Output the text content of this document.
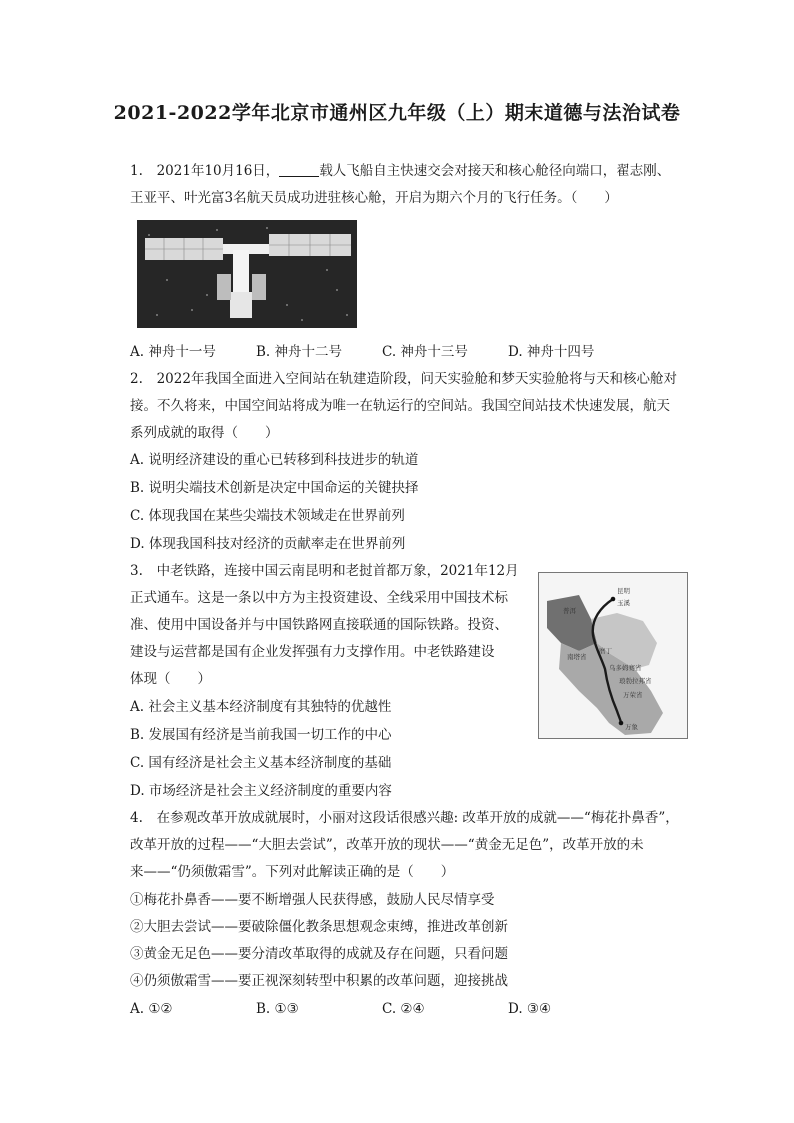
2021-2022学年北京市通州区九年级（上）期末道德与法治试卷
1. 2021年10月16日，	载人飞船自主快速交会对接天和核心舱径向端口，翟志刚、
王亚平、叶光富3名航天员成功进驻核心舱，开启为期六个月的飞行任务。（　　）
A. 神舟十一号	B. 神舟十二号	C. 神舟十三号	D. 神舟十四号
2. 2022年我国全面进入空间站在轨建造阶段，问天实验舱和梦天实验舱将与天和核心舱对
接。不久将来，中国空间站将成为唯一在轨运行的空间站。我国空间站技术快速发展，航天
系列成就的取得（　　）
A. 说明经济建设的重心已转移到科技进步的轨道
B. 说明尖端技术创新是决定中国命运的关键抉择
C. 体现我国在某些尖端技术领域走在世界前列
D. 体现我国科技对经济的贡献率走在世界前列
3. 中老铁路，连接中国云南昆明和老挝首都万象，2021年12月
正式通车。这是一条以中方为主投资建设、全线采用中国技术标
准、使用中国设备并与中国铁路网直接联通的国际铁路。投资、
建设与运营都是国有企业发挥强有力支撑作用。中老铁路建设
体现（　　）
昆明
玉溪
普洱
磨丁
南塔省
乌多姆赛省
琅勃拉邦省
万荣省
万象
A. 社会主义基本经济制度有其独特的优越性
B. 发展国有经济是当前我国一切工作的中心
C. 国有经济是社会主义基本经济制度的基础
D. 市场经济是社会主义经济制度的重要内容
4. 在参观改革开放成就展时，小丽对这段话很感兴趣: 改革开放的成就——“梅花扑鼻香”，
改革开放的过程——“大胆去尝试”，改革开放的现状——“黄金无足色”，改革开放的未
来——“仍须傲霜雪”。下列对此解读正确的是（　　）
①梅花扑鼻香——要不断增强人民获得感，鼓励人民尽情享受
②大胆去尝试——要破除僵化教条思想观念束缚，推进改革创新
③黄金无足色——要分清改革取得的成就及存在问题，只看问题
④仍须傲霜雪——要正视深刻转型中积累的改革问题，迎接挑战
A. ①②	B. ①③	C. ②④	D. ③④
